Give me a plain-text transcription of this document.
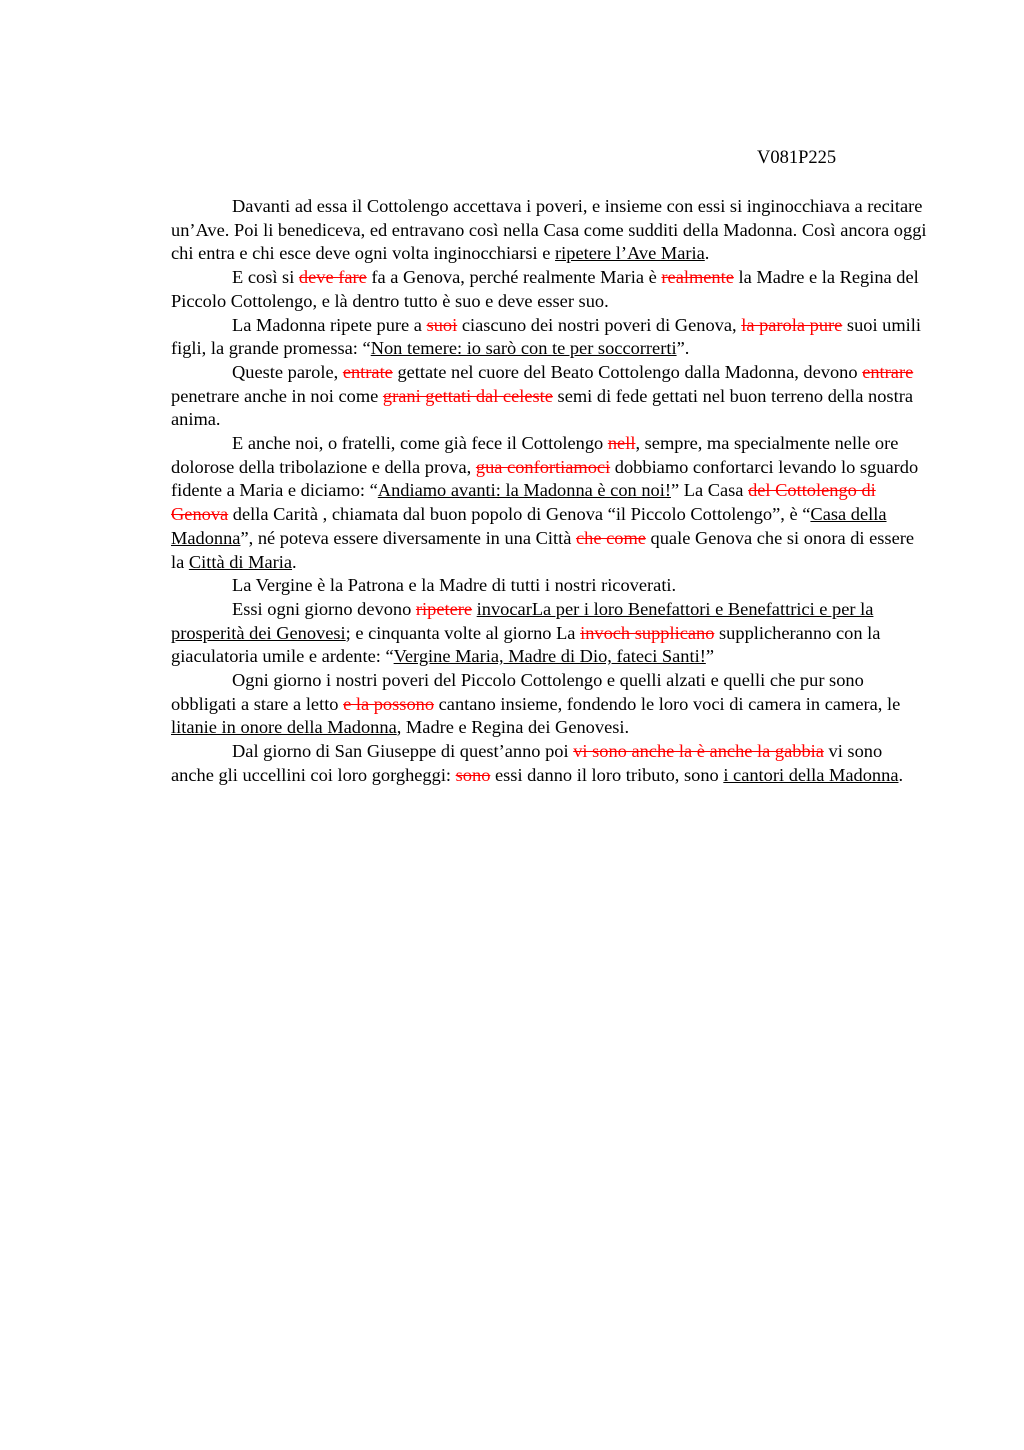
V081P225

Davanti ad essa il Cottolengo accettava i poveri, e insieme con essi si inginocchiava a recitare un’Ave. Poi li benediceva, ed entravano così nella Casa come sudditi della Madonna. Così ancora oggi chi entra e chi esce deve ogni volta inginocchiarsi e ripetere l’Ave Maria.

E così si deve fare fa a Genova, perché realmente Maria è realmente la Madre e la Regina del Piccolo Cottolengo, e là dentro tutto è suo e deve esser suo.

La Madonna ripete pure a suoi ciascuno dei nostri poveri di Genova, la parola pure suoi umili figli, la grande promessa: “Non temere: io sarò con te per soccorrerti”.

Queste parole, entrate gettate nel cuore del Beato Cottolengo dalla Madonna, devono entrare penetrare anche in noi come grani gettati dal celeste semi di fede gettati nel buon terreno della nostra anima.

E anche noi, o fratelli, come già fece il Cottolengo nell, sempre, ma specialmente nelle ore dolorose della tribolazione e della prova, gua confortiamoci dobbiamo confortarci levando lo sguardo fidente a Maria e diciamo: “Andiamo avanti: la Madonna è con noi!” La Casa del Cottolengo di Genova della Carità , chiamata dal buon popolo di Genova “il Piccolo Cottolengo”, è “Casa della Madonna”, né poteva essere diversamente in una Città che come quale Genova che si onora di essere la Città di Maria.

La Vergine è la Patrona e la Madre di tutti i nostri ricoverati.

Essi ogni giorno devono ripetere invocarLa per i loro Benefattori e Benefattrici e per la prosperità dei Genovesi; e cinquanta volte al giorno La invoch supplicano supplicheranno con la giaculatoria umile e ardente: “Vergine Maria, Madre di Dio, fateci Santi!”

Ogni giorno i nostri poveri del Piccolo Cottolengo e quelli alzati e quelli che pur sono obbligati a stare a letto e la possono cantano insieme, fondendo le loro voci di camera in camera, le litanie in onore della Madonna, Madre e Regina dei Genovesi.

Dal giorno di San Giuseppe di quest’anno poi vi sono anche la è anche la gabbia vi sono anche gli uccellini coi loro gorgheggi: sono essi danno il loro tributo, sono i cantori della Madonna.
